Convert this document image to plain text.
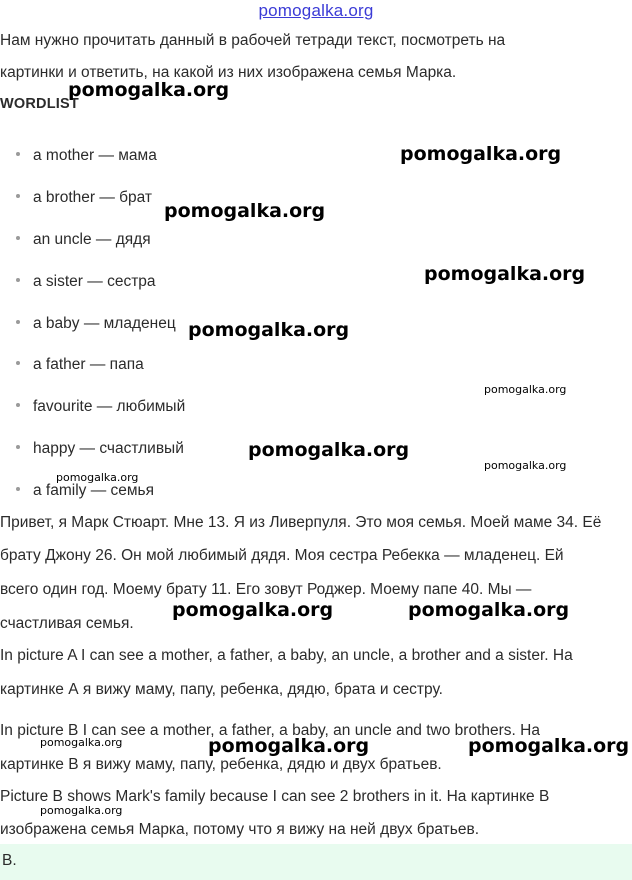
pomogalka.org
Нам нужно прочитать данный в рабочей тетради текст, посмотреть на
картинки и ответить, на какой из них изображена семья Марка.
WORDLIST
a mother — мама
a brother — брат
an uncle — дядя
a sister — сестра
a baby — младенец
a father — папа
favourite — любимый
happy — счастливый
a family — семья
Привет, я Марк Стюарт. Мне 13. Я из Ливерпуля. Это моя семья. Моей маме 34. Её
брату Джону 26. Он мой любимый дядя. Моя сестра Ребекка — младенец. Ей
всего один год. Моему брату 11. Его зовут Роджер. Моему папе 40. Мы —
счастливая семья.
In picture A I can see a mother, a father, a baby, an uncle, a brother and a sister. На
картинке А я вижу маму, папу, ребенка, дядю, брата и сестру.
In picture B I can see a mother, a father, a baby, an uncle and two brothers. На
картинке В я вижу маму, папу, ребенка, дядю и двух братьев.
Picture B shows Mark's family because I can see 2 brothers in it. На картинке В
изображена семья Марка, потому что я вижу на ней двух братьев.
B.
pomogalka.org
pomogalka.org
pomogalka.org
pomogalka.org
pomogalka.org
pomogalka.org
pomogalka.org	pomogalka.org
pomogalka.org	pomogalka.org
pomogalka.org
pomogalka.org
pomogalka.org
pomogalka.org
pomogalka.org
